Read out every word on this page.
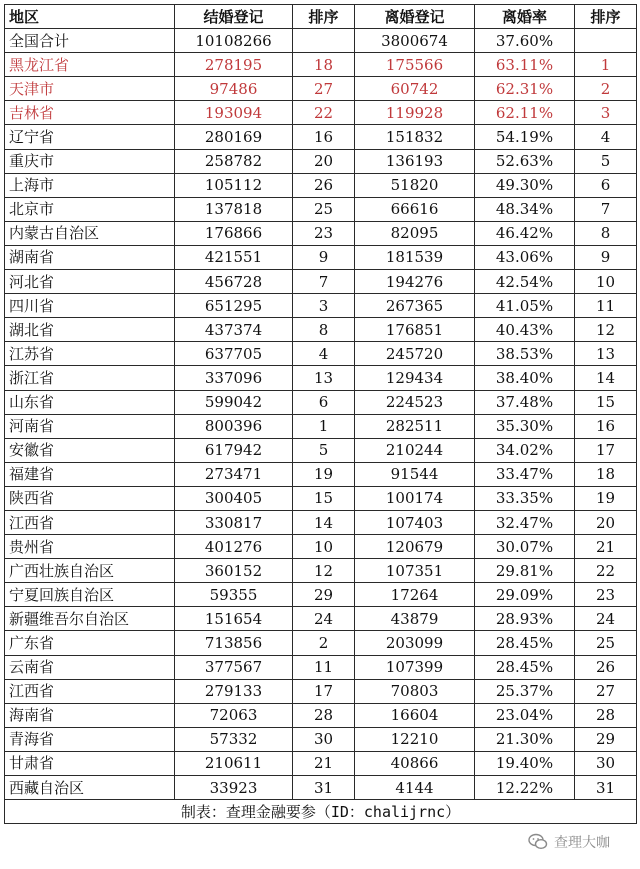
地区	结婚登记	排序	离婚登记	离婚率	排序
全国合计	10108266		3800674	37.60%	
黑龙江省	278195	18	175566	63.11%	1
天津市	97486	27	60742	62.31%	2
吉林省	193094	22	119928	62.11%	3
辽宁省	280169	16	151832	54.19%	4
重庆市	258782	20	136193	52.63%	5
上海市	105112	26	51820	49.30%	6
北京市	137818	25	66616	48.34%	7
内蒙古自治区	176866	23	82095	46.42%	8
湖南省	421551	9	181539	43.06%	9
河北省	456728	7	194276	42.54%	10
四川省	651295	3	267365	41.05%	11
湖北省	437374	8	176851	40.43%	12
江苏省	637705	4	245720	38.53%	13
浙江省	337096	13	129434	38.40%	14
山东省	599042	6	224523	37.48%	15
河南省	800396	1	282511	35.30%	16
安徽省	617942	5	210244	34.02%	17
福建省	273471	19	91544	33.47%	18
陕西省	300405	15	100174	33.35%	19
江西省	330817	14	107403	32.47%	20
贵州省	401276	10	120679	30.07%	21
广西壮族自治区	360152	12	107351	29.81%	22
宁夏回族自治区	59355	29	17264	29.09%	23
新疆维吾尔自治区	151654	24	43879	28.93%	24
广东省	713856	2	203099	28.45%	25
云南省	377567	11	107399	28.45%	26
江西省	279133	17	70803	25.37%	27
海南省	72063	28	16604	23.04%	28
青海省	57332	30	12210	21.30%	29
甘肃省	210611	21	40866	19.40%	30
西藏自治区	33923	31	4144	12.22%	31
制表：查理金融要参（ID：chalijrnc）					
查理大咖
